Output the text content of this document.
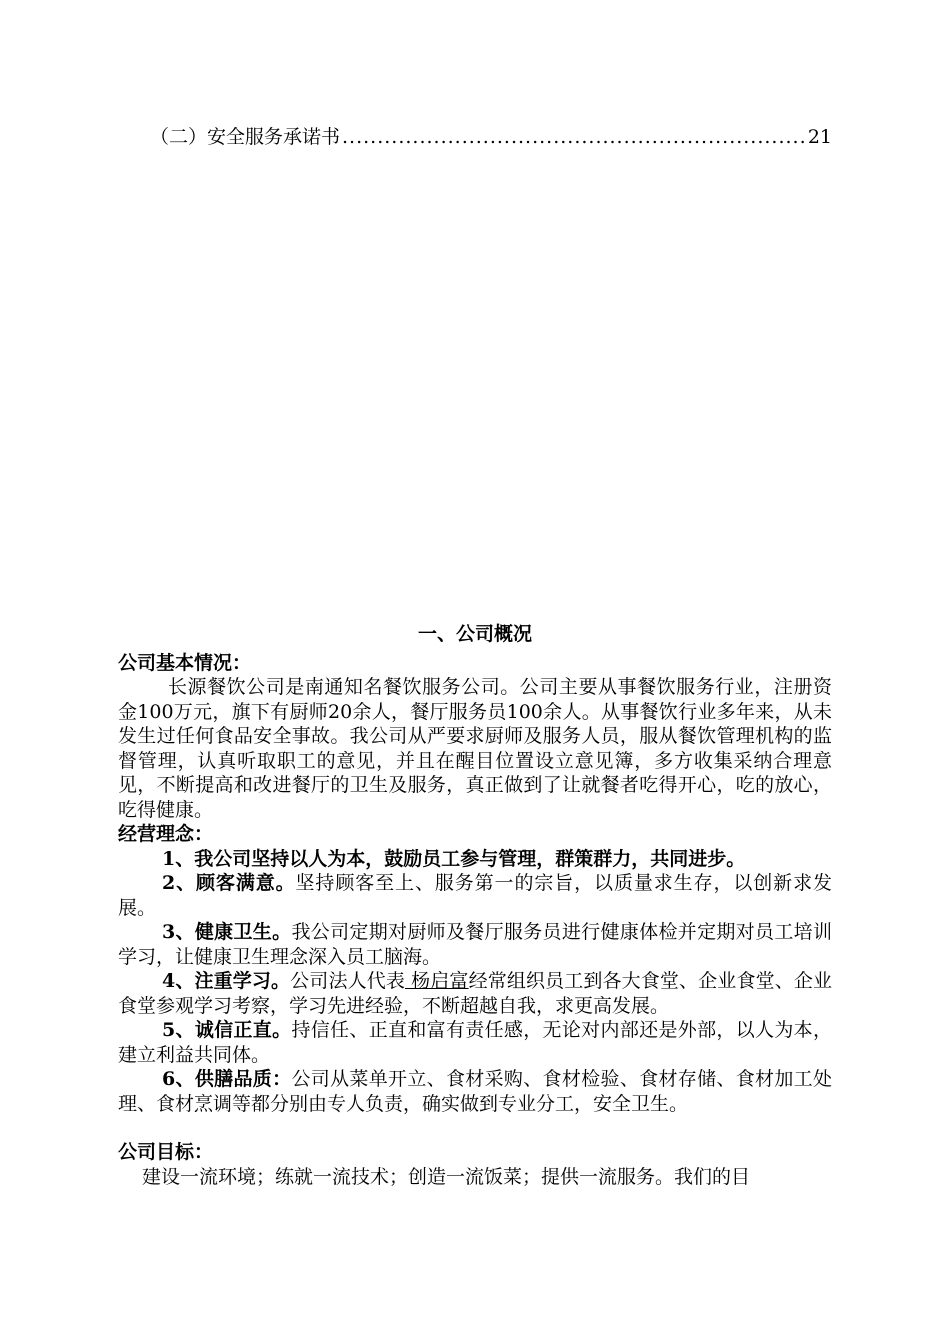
（二）安全服务承诺书
.....	21
一、公司概况
公司基本情况：

长源餐饮公司是南通知名餐饮服务公司。公司主要从事餐饮服务行业，注册资金100万元，旗下有厨师20余人，餐厅服务员100余人。从事餐饮行业多年来，从未发生过任何食品安全事故。我公司从严要求厨师及服务人员，服从餐饮管理机构的监督管理，认真听取职工的意见，并且在醒目位置设立意见簿，多方收集采纳合理意见，不断提高和改进餐厅的卫生及服务，真正做到了让就餐者吃得开心，吃的放心，吃得健康。

经营理念：

1、我公司坚持以人为本，鼓励员工参与管理，群策群力，共同进步。

2、顾客满意。坚持顾客至上、服务第一的宗旨，以质量求生存，以创新求发展。

3、健康卫生。我公司定期对厨师及餐厅服务员进行健康体检并定期对员工培训学习，让健康卫生理念深入员工脑海。

4、注重学习。公司法人代表 杨启富经常组织员工到各大食堂、企业食堂、企业食堂参观学习考察，学习先进经验，不断超越自我，求更高发展。

5、诚信正直。持信任、正直和富有责任感，无论对内部还是外部，以人为本， 建立利益共同体。

6、供膳品质：公司从菜单开立、食材采购、食材检验、食材存储、食材加工处理、食材烹调等都分别由专人负责，确实做到专业分工，安全卫生。

公司目标：

建设一流环境；练就一流技术；创造一流饭菜；提供一流服务。我们的目
